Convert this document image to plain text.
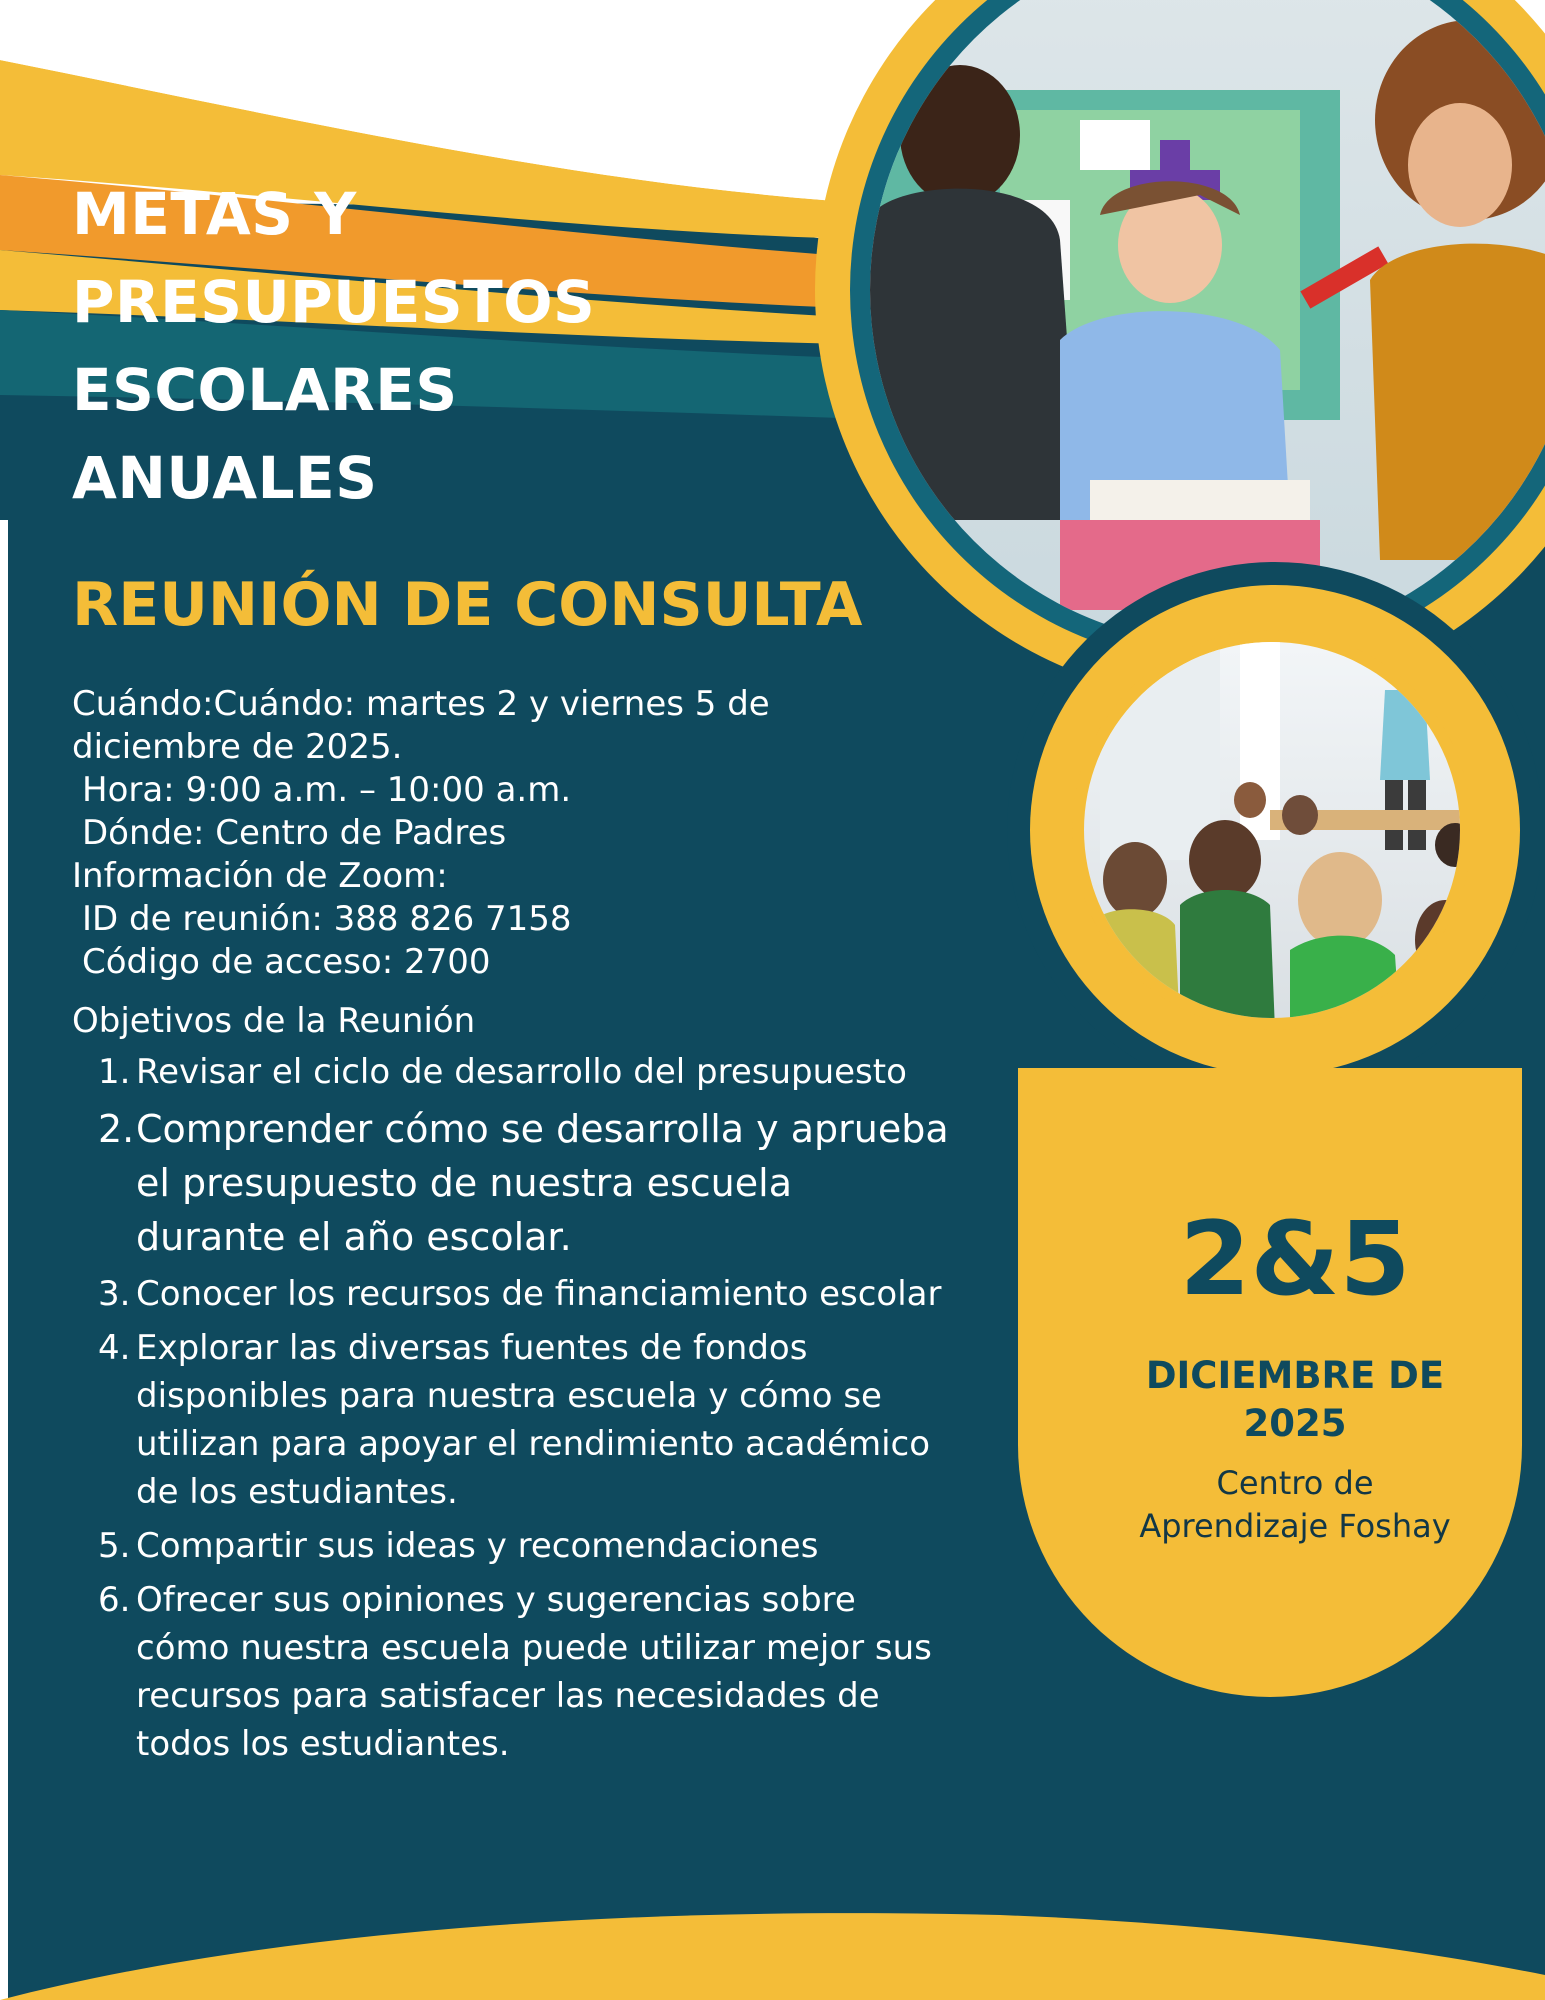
METAS Y
PRESUPUESTOS
ESCOLARES
ANUALES
REUNIÓN DE CONSULTA
Cuándo:Cuándo: martes 2 y viernes 5 de
diciembre de 2025.
Hora: 9:00 a.m. – 10:00 a.m.
Dónde: Centro de Padres
Información de Zoom:
ID de reunión: 388 826 7158
Código de acceso: 2700
Objetivos de la Reunión
1. Revisar el ciclo de desarrollo del presupuesto
2. Comprender cómo se desarrolla y aprueba el presupuesto de nuestra escuela durante el año escolar.
3. Conocer los recursos de financiamiento escolar
4. Explorar las diversas fuentes de fondos disponibles para nuestra escuela y cómo se utilizan para apoyar el rendimiento académico de los estudiantes.
5. Compartir sus ideas y recomendaciones
6. Ofrecer sus opiniones y sugerencias sobre cómo nuestra escuela puede utilizar mejor sus recursos para satisfacer las necesidades de todos los estudiantes.
2&5
DICIEMBRE DE
2025
Centro de
Aprendizaje Foshay
